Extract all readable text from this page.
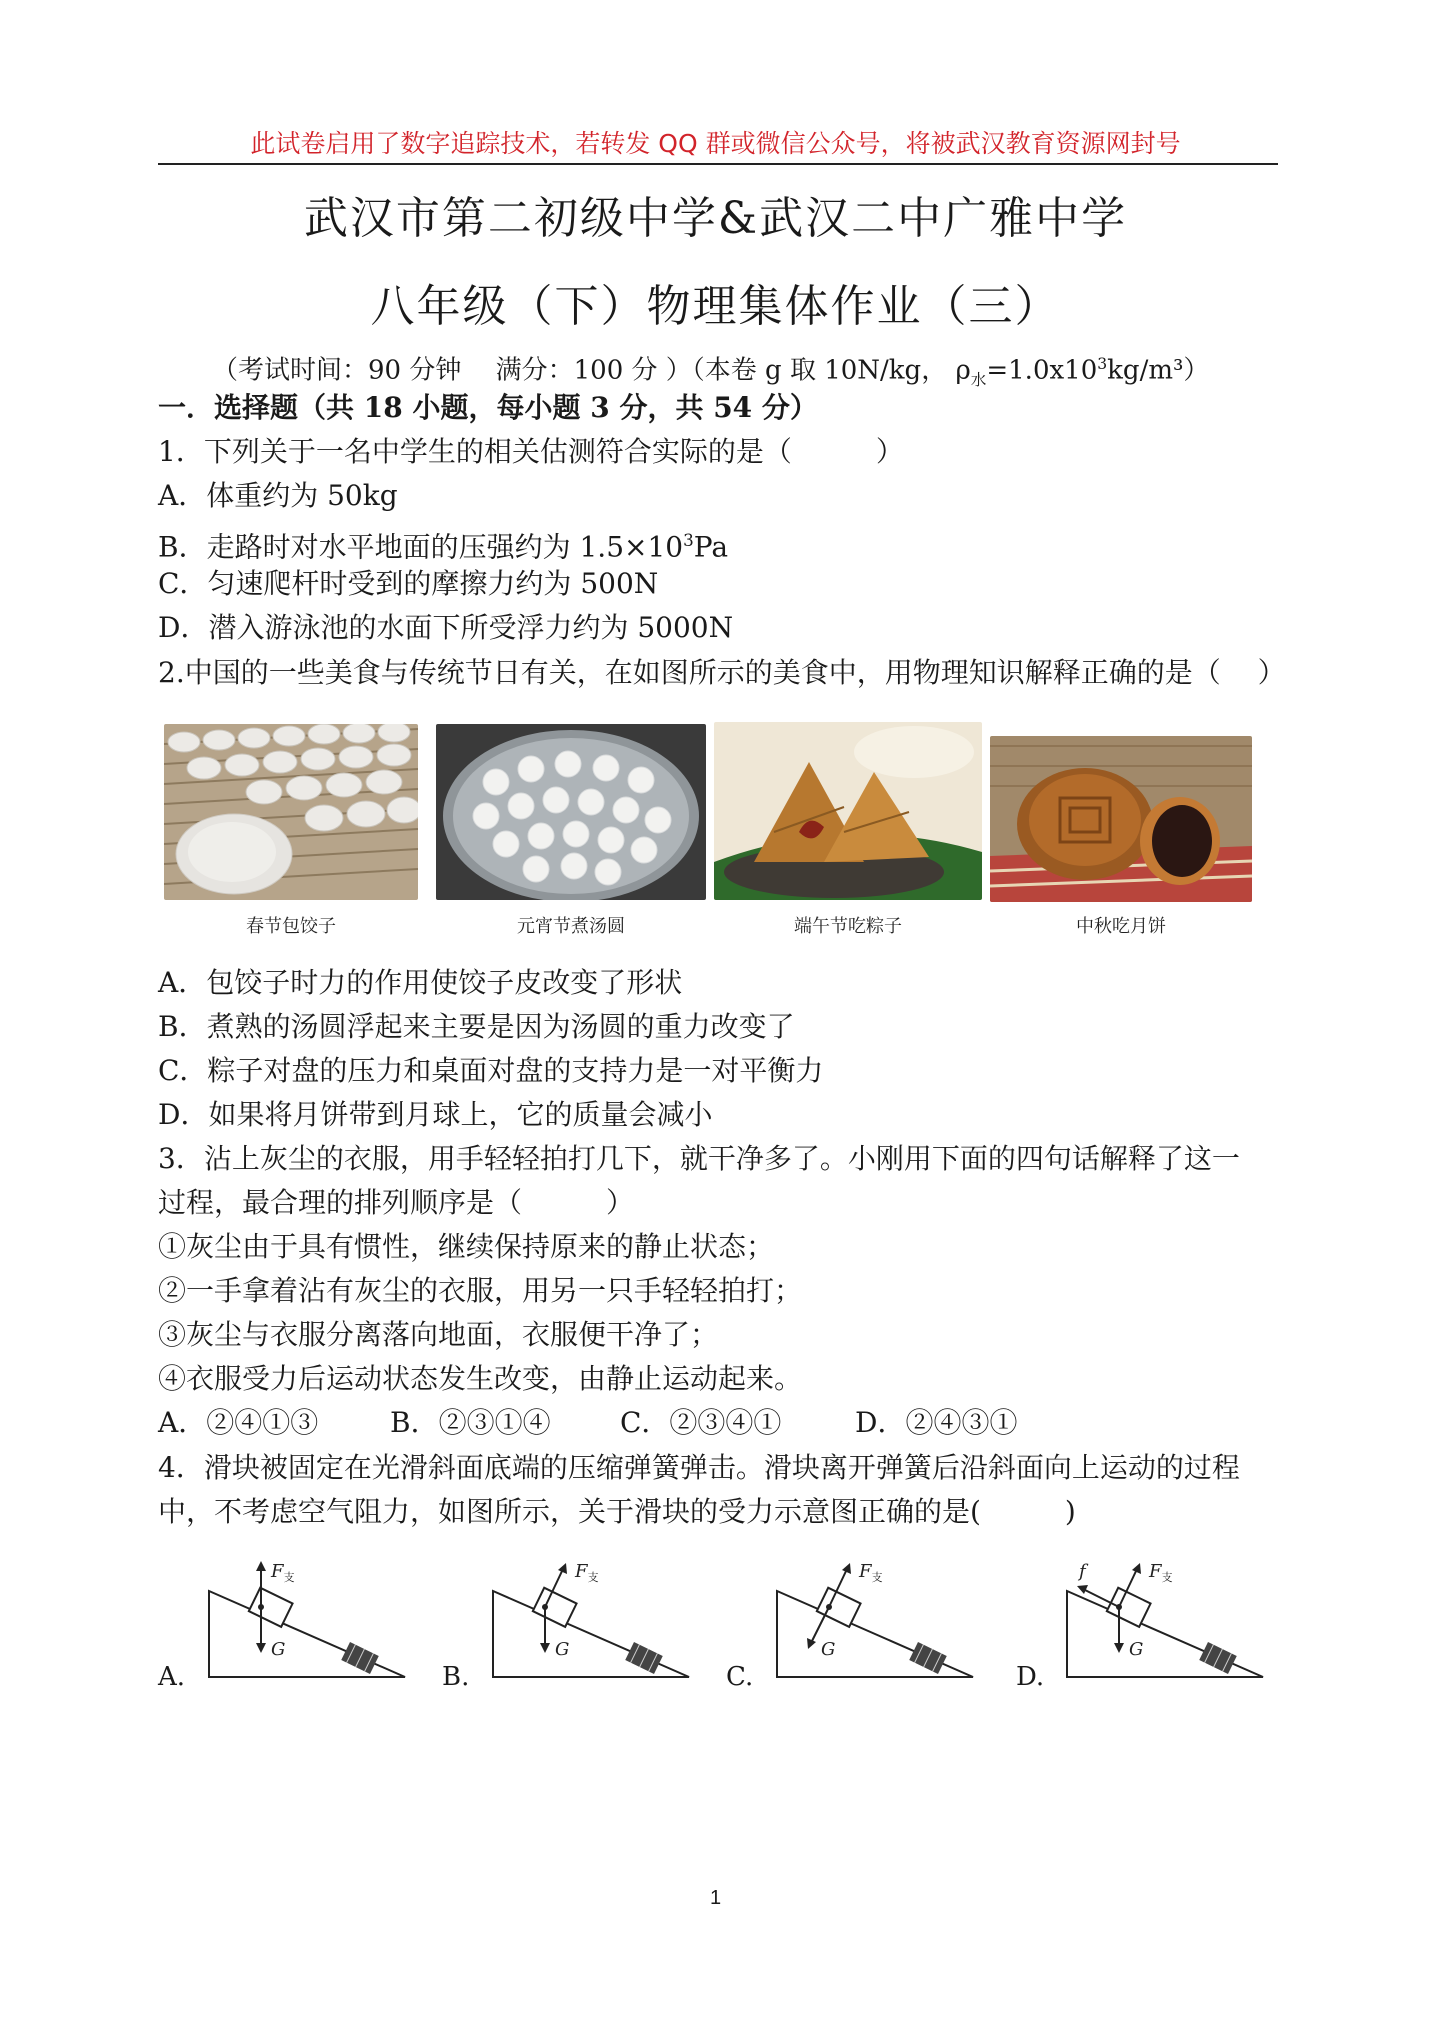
此试卷启用了数字追踪技术，若转发 QQ 群或微信公众号，将被武汉教育资源网封号
武汉市第二初级中学&武汉二中广雅中学
八年级（下）物理集体作业（三）
（考试时间：90 分钟　 满分：100 分 ）（本卷 g 取 10N/kg， $\rho_水=1.0x10^3kg/m^3$）
一．选择题（共 18 小题，每小题 3 分，共 54 分）
1．下列关于一名中学生的相关估测符合实际的是（　　　）
A．体重约为 50kg
B．走路时对水平地面的压强约为 $1.5\times 10^3Pa$
C．匀速爬杆时受到的摩擦力约为 500N
D．潜入游泳池的水面下所受浮力约为 5000N
2.中国的一些美食与传统节日有关，在如图所示的美食中，用物理知识解释正确的是（　 ）
春节包饺子	元宵节煮汤圆	端午节吃粽子	中秋吃月饼
A．包饺子时力的作用使饺子皮改变了形状
B．煮熟的汤圆浮起来主要是因为汤圆的重力改变了
C．粽子对盘的压力和桌面对盘的支持力是一对平衡力
D．如果将月饼带到月球上，它的质量会减小
3．沾上灰尘的衣服，用手轻轻拍打几下，就干净多了。小刚用下面的四句话解释了这一
过程，最合理的排列顺序是（　　　）
①灰尘由于具有惯性，继续保持原来的静止状态；
②一手拿着沾有灰尘的衣服，用另一只手轻轻拍打；
③灰尘与衣服分离落向地面，衣服便干净了；
④衣服受力后运动状态发生改变，由静止运动起来。
A．②④①③	B．②③①④ C．②③④①	D．②④③①
4．滑块被固定在光滑斜面底端的压缩弹簧弹击。滑块离开弹簧后沿斜面向上运动的过程
中，不考虑空气阻力，如图所示，关于滑块的受力示意图正确的是(　　　)
A.	B.	C.	D.
$F_支$
G
$F_支$
G
$F_支$
G
$F_支$
G
f
1
